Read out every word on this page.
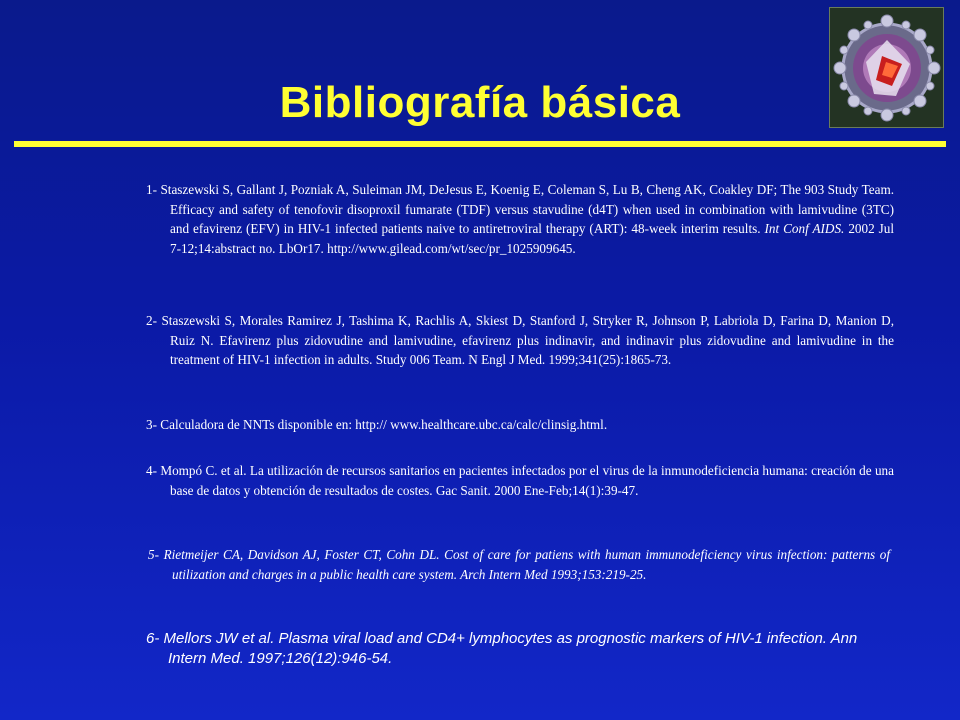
Bibliografía básica
1- Staszewski S, Gallant J, Pozniak A, Suleiman JM, DeJesus E, Koenig E, Coleman S, Lu B, Cheng AK, Coakley DF; The 903 Study Team. Efficacy and safety of tenofovir disoproxil fumarate (TDF) versus stavudine (d4T) when used in combination with lamivudine (3TC) and efavirenz (EFV) in HIV-1 infected patients naive to antiretroviral therapy (ART): 48-week interim results. Int Conf AIDS. 2002 Jul 7-12;14:abstract no. LbOr17. http://www.gilead.com/wt/sec/pr_1025909645.
2- Staszewski S, Morales Ramirez J, Tashima K, Rachlis A, Skiest D, Stanford J, Stryker R, Johnson P, Labriola D, Farina D, Manion D, Ruiz N. Efavirenz plus zidovudine and lamivudine, efavirenz plus indinavir, and indinavir plus zidovudine and lamivudine in the treatment of HIV-1 infection in adults. Study 006 Team. N Engl J Med. 1999;341(25):1865-73.
3- Calculadora de NNTs disponible en: http:// www.healthcare.ubc.ca/calc/clinsig.html.
4- Mompó C. et al. La utilización de recursos sanitarios en pacientes infectados por el virus de la inmunodeficiencia humana: creación de una base de datos y obtención de resultados de costes. Gac Sanit. 2000 Ene-Feb;14(1):39-47.
5- Rietmeijer CA, Davidson AJ, Foster CT, Cohn DL. Cost of care for patiens with human immunodeficiency virus infection: patterns of utilization and charges in a public health care system. Arch Intern Med 1993;153:219-25.
6- Mellors JW et al. Plasma viral load and CD4+ lymphocytes as prognostic markers of HIV-1 infection. Ann Intern Med. 1997;126(12):946-54.
